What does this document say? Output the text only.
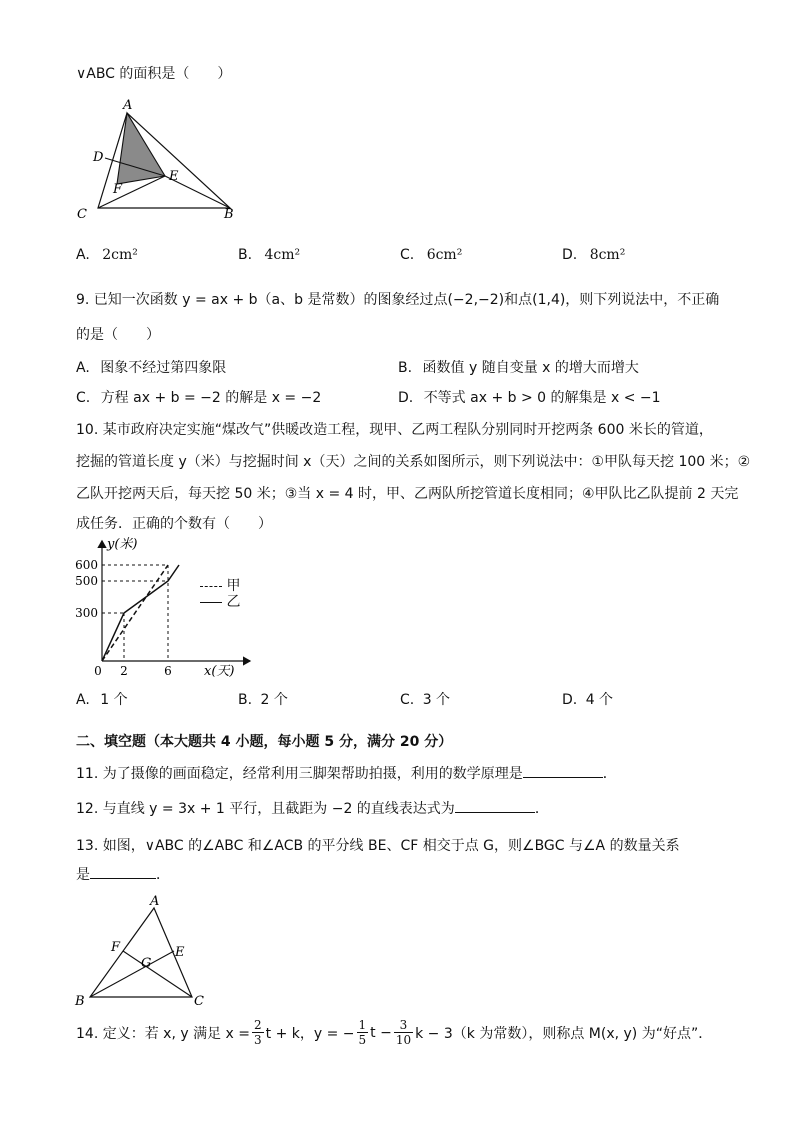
∨ABC 的面积是（　　）
A
D
E
F
C	B
A. 2cm²	B. 4cm²	C. 6cm²	D. 8cm²
9. 已知一次函数 y = ax + b（a、b 是常数）的图象经过点(−2,−2)和点(1,4)，则下列说法中，不正确
的是（　　）
A. 图象不经过第四象限	B. 函数值 y 随自变量 x 的增大而增大
C. 方程 ax + b = −2 的解是 x = −2	D. 不等式 ax + b > 0 的解集是 x < −1
10. 某市政府决定实施“煤改气”供暖改造工程，现甲、乙两工程队分别同时开挖两条 600 米长的管道，
挖掘的管道长度 y（米）与挖掘时间 x（天）之间的关系如图所示，则下列说法中：①甲队每天挖 100 米；②
乙队开挖两天后，每天挖 50 米；③当 x = 4 时，甲、乙两队所挖管道长度相同；④甲队比乙队提前 2 天完
成任务．正确的个数有（　　）
x(天)
y(米)
300
500
600
0 2	6
甲
乙
A. 1 个	B. 2 个	C. 3 个	D. 4 个
二、填空题（本大题共 4 小题，每小题 5 分，满分 20 分）
11. 为了摄像的画面稳定，经常利用三脚架帮助拍摄，利用的数学原理是	．
12. 与直线 y = 3x + 1 平行，且截距为 −2 的直线表达式为	．
13. 如图，∨ABC 的∠ABC 和∠ACB 的平分线 BE、CF 相交于点 G，则∠BGC 与∠A 的数量关系
是	．
A
F
G
E
B	C
14. 定义：若 x, y 满足 $x = \frac{2}{3}$ t + k，y = − $\frac{1}{5}$ $t - \frac{3}{10}$ k − 3（k 为常数），则称点 M(x, y) 为“好点”．
